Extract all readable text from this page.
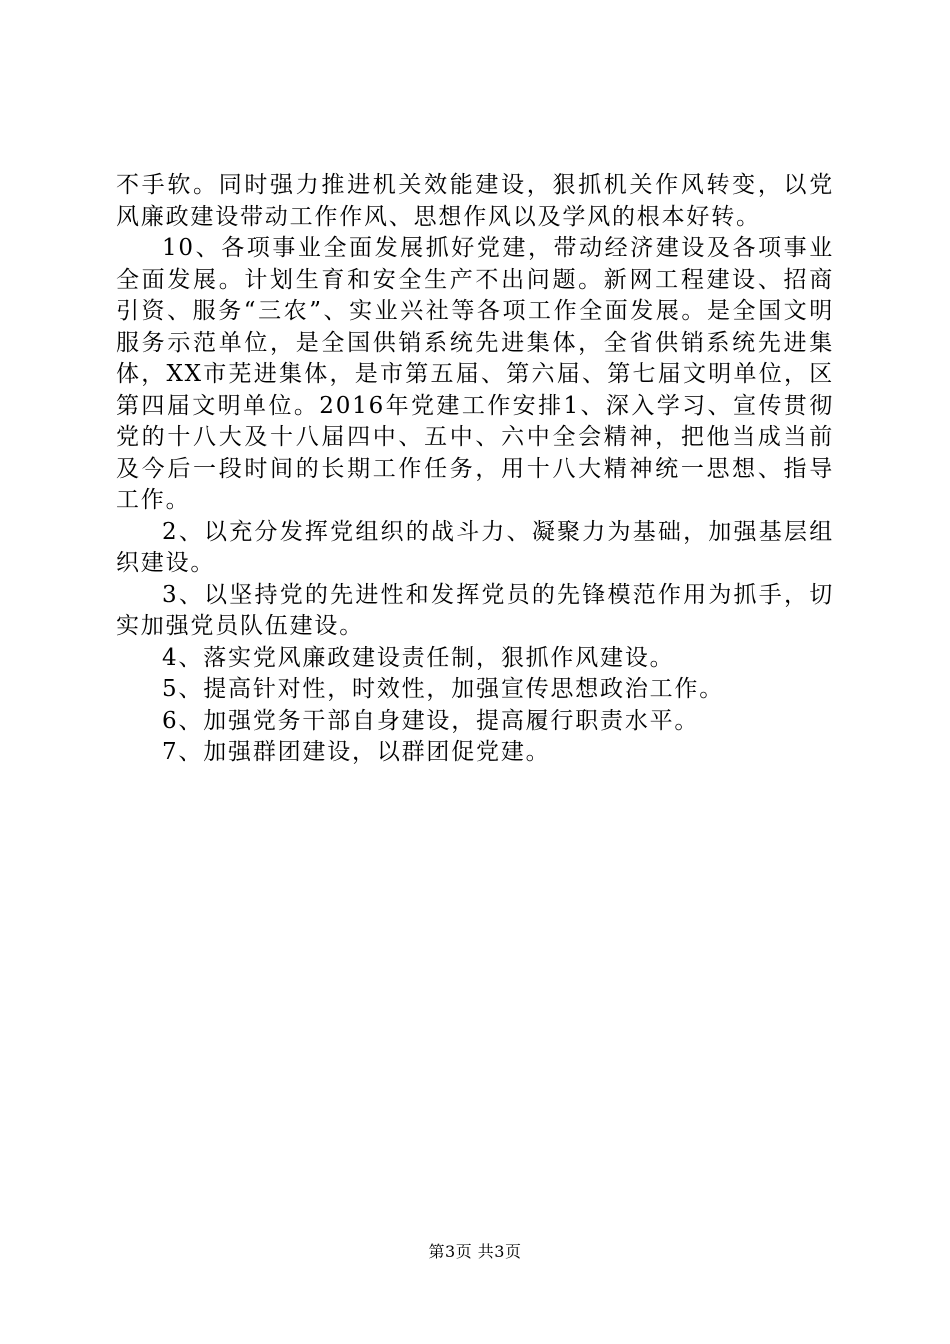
不手软。同时强力推进机关效能建设，狠抓机关作风转变，以党风廉政建设带动工作作风、思想作风以及学风的根本好转。

10、各项事业全面发展抓好党建，带动经济建设及各项事业全面发展。计划生育和安全生产不出问题。新网工程建设、招商引资、服务“三农”、实业兴社等各项工作全面发展。是全国文明服务示范单位，是全国供销系统先进集体，全省供销系统先进集体，XX市芜进集体，是市第五届、第六届、第七届文明单位，区第四届文明单位。2016年党建工作安排1、深入学习、宣传贯彻党的十八大及十八届四中、五中、六中全会精神，把他当成当前及今后一段时间的长期工作任务，用十八大精神统一思想、指导工作。

2、以充分发挥党组织的战斗力、凝聚力为基础，加强基层组织建设。

3、以坚持党的先进性和发挥党员的先锋模范作用为抓手，切实加强党员队伍建设。

4、落实党风廉政建设责任制，狠抓作风建设。

5、提高针对性，时效性，加强宣传思想政治工作。

6、加强党务干部自身建设，提高履行职责水平。

7、加强群团建设，以群团促党建。

第3页 共3页
